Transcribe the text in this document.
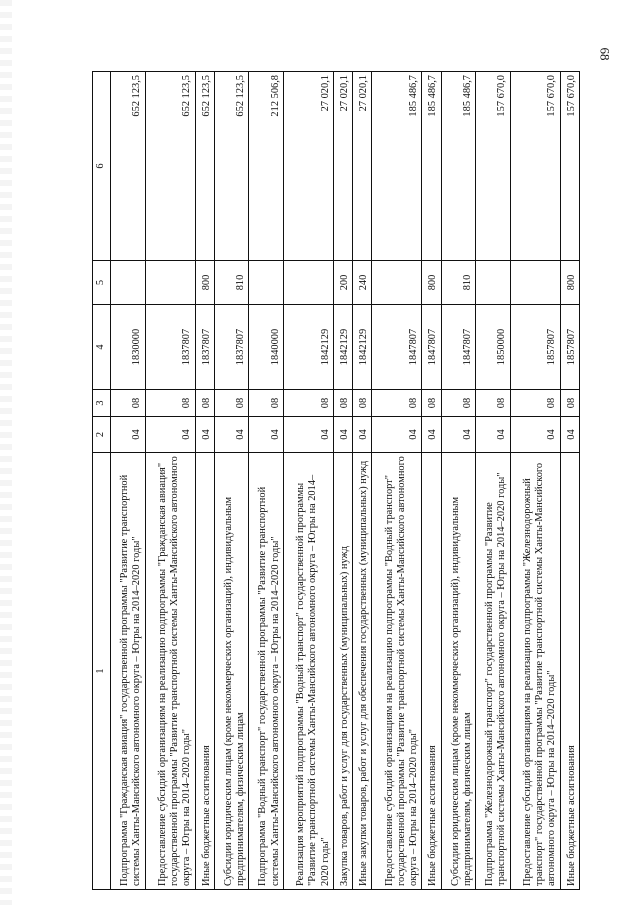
68
1	2	3	4	5	6
Подпрограмма "Гражданская авиация" государственной программы "Развитие транспортной системы Ханты-Мансийского автономного округа – Югры на 2014–2020 годы"	04	08	1830000		652 123,5
Предоставление субсидий организациям на реализацию подпрограммы "Гражданская авиация" государственной программы "Развитие транспортной системы Ханты-Мансийского автономного округа – Югры на 2014–2020 годы"	04	08	1837807		652 123,5
Иные бюджетные ассигнования	04	08	1837807	800	652 123,5
Субсидии юридическим лицам (кроме некоммерческих организаций), индивидуальным предпринимателям, физическим лицам	04	08	1837807	810	652 123,5
Подпрограмма "Водный транспорт" государственной программы "Развитие транспортной системы Ханты-Мансийского автономного округа – Югры на 2014–2020 годы"	04	08	1840000		212 506,8
Реализация мероприятий подпрограммы "Водный транспорт" государственной программы "Развитие транспортной системы Ханты-Мансийского автономного округа – Югры на 2014–2020 годы"	04	08	1842129		27 020,1
Закупка товаров, работ и услуг для государственных (муниципальных) нужд	04	08	1842129	200	27 020,1
Иные закупки товаров, работ и услуг для обеспечения государственных (муниципальных) нужд	04	08	1842129	240	27 020,1
Предоставление субсидий организациям на реализацию подпрограммы "Водный транспорт" государственной программы "Развитие транспортной системы Ханты-Мансийского автономного округа – Югры на 2014–2020 годы"	04	08	1847807		185 486,7
Иные бюджетные ассигнования	04	08	1847807	800	185 486,7
Субсидии юридическим лицам (кроме некоммерческих организаций), индивидуальным предпринимателям, физическим лицам	04	08	1847807	810	185 486,7
Подпрограмма "Железнодорожный транспорт" государственной программы "Развитие транспортной системы Ханты-Мансийского автономного округа – Югры на 2014–2020 годы"	04	08	1850000		157 670,0
Предоставление субсидий организациям на реализацию подпрограммы "Железнодорожный транспорт" государственной программы "Развитие транспортной системы Ханты-Мансийского автономного округа – Югры на 2014–2020 годы"	04	08	1857807		157 670,0
Иные бюджетные ассигнования	04	08	1857807	800	157 670,0
